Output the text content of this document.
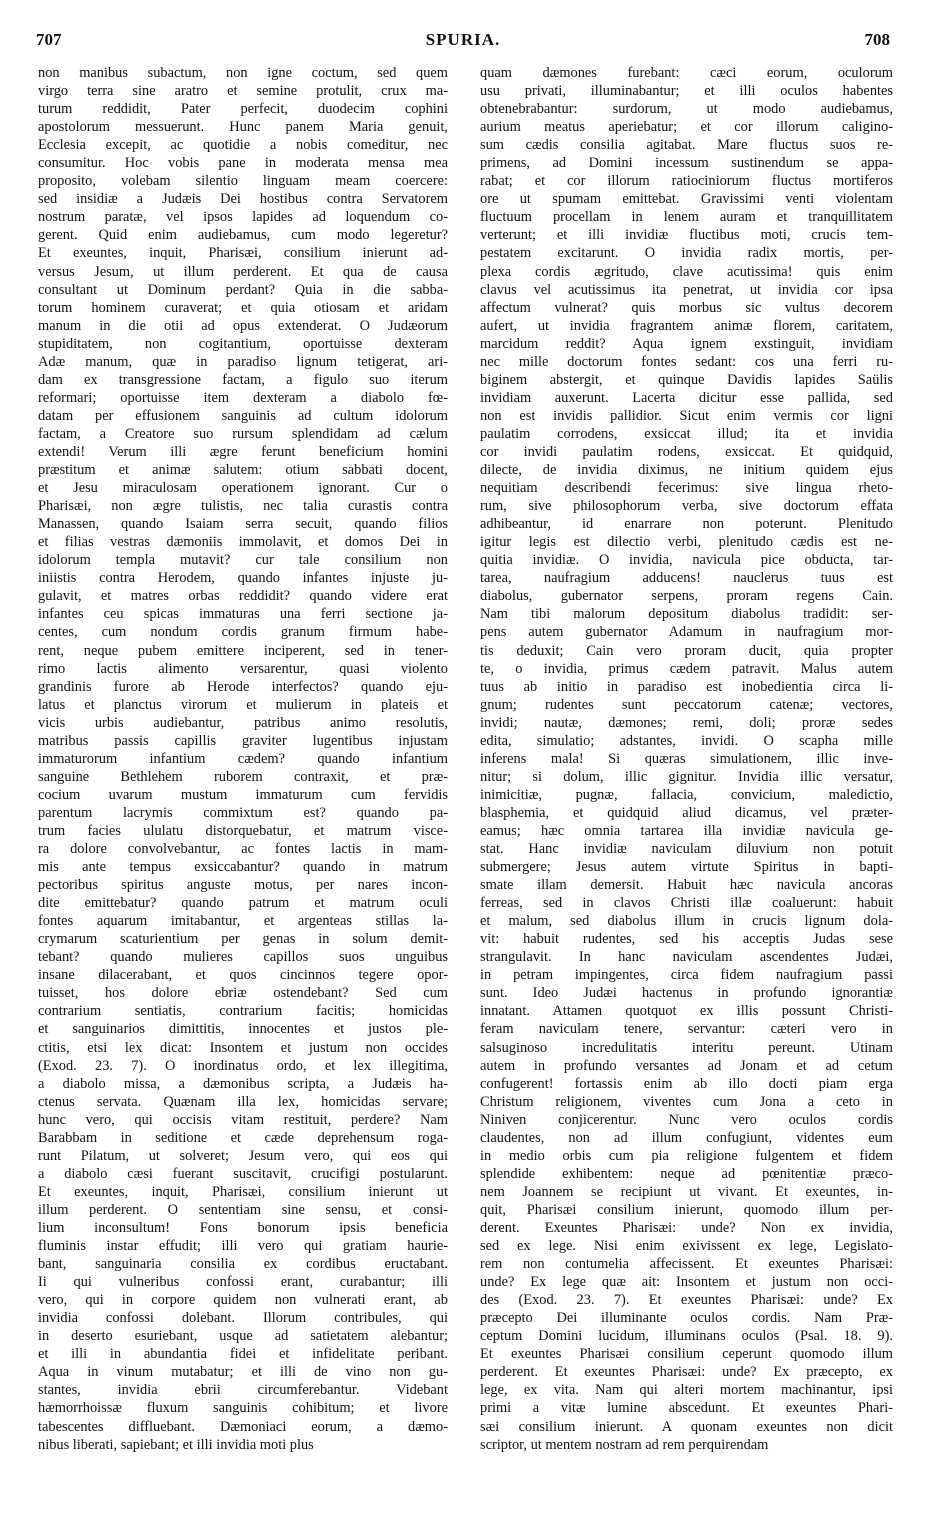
707	SPURIA.	708
non manibus subactum, non igne coctum, sed quem
virgo terra sine aratro et semine protulit, crux ma-
turum reddidit, Pater perfecit, duodecim cophini
apostolorum messuerunt. Hunc panem Maria genuit,
Ecclesia excepit, ac quotidie a nobis comeditur, nec
consumitur. Hoc vobis pane in moderata mensa mea
proposito, volebam silentio linguam meam coercere:
sed insidiæ a Judæis Dei hostibus contra Servatorem
nostrum paratæ, vel ipsos lapides ad loquendum co-
gerent. Quid enim audiebamus, cum modo legeretur?
Et exeuntes, inquit, Pharisæi, consilium inierunt ad-
versus Jesum, ut illum perderent. Et qua de causa
consultant ut Dominum perdant? Quia in die sabba-
torum hominem curaverat; et quia otiosam et aridam
manum in die otii ad opus extenderat. O Judæorum
stupiditatem, non cogitantium, oportuisse dexteram
Adæ manum, quæ in paradiso lignum tetigerat, ari-
dam ex transgressione factam, a figulo suo iterum
reformari; oportuisse item dexteram a diabolo fœ-
datam per effusionem sanguinis ad cultum idolorum
factam, a Creatore suo rursum splendidam ad cælum
extendi! Verum illi ægre ferunt beneficium homini
præstitum et animæ salutem: otium sabbati docent,
et Jesu miraculosam operationem ignorant. Cur o
Pharisæi, non ægre tulistis, nec talia curastis contra
Manassen, quando Isaiam serra secuit, quando filios
et filias vestras dæmoniis immolavit, et domos Dei in
idolorum templa mutavit? cur tale consilium non
iniistis contra Herodem, quando infantes injuste ju-
gulavit, et matres orbas reddidit? quando videre erat
infantes ceu spicas immaturas una ferri sectione ja-
centes, cum nondum cordis granum firmum habe-
rent, neque pubem emittere inciperent, sed in tener-
rimo lactis alimento versarentur, quasi violento
grandinis furore ab Herode interfectos? quando eju-
latus et planctus virorum et mulierum in plateis et
vicis urbis audiebantur, patribus animo resolutis,
matribus passis capillis graviter lugentibus injustam
immaturorum infantium cædem? quando infantium
sanguine Bethlehem ruborem contraxit, et præ-
cocium uvarum mustum immaturum cum fervidis
parentum lacrymis commixtum est? quando pa-
trum facies ululatu distorquebatur, et matrum visce-
ra dolore convolvebantur, ac fontes lactis in mam-
mis ante tempus exsiccabantur? quando in matrum
pectoribus spiritus anguste motus, per nares incon-
dite emittebatur? quando patrum et matrum oculi
fontes aquarum imitabantur, et argenteas stillas la-
crymarum scaturientium per genas in solum demit-
tebant? quando mulieres capillos suos unguibus
insane dilacerabant, et quos cincinnos tegere opor-
tuisset, hos dolore ebriæ ostendebant? Sed cum
contrarium sentiatis, contrarium facitis; homicidas
et sanguinarios dimittitis, innocentes et justos ple-
ctitis, etsi lex dicat: Insontem et justum non occides
(Exod. 23. 7). O inordinatus ordo, et lex illegitima,
a diabolo missa, a dæmonibus scripta, a Judæis ha-
ctenus servata. Quænam illa lex, homicidas servare;
hunc vero, qui occisis vitam restituit, perdere? Nam
Barabbam in seditione et cæde deprehensum roga-
runt Pilatum, ut solveret; Jesum vero, qui eos qui
a diabolo cæsi fuerant suscitavit, crucifigi postularunt.
Et exeuntes, inquit, Pharisæi, consilium inierunt ut
illum perderent. O sententiam sine sensu, et consi-
lium inconsultum! Fons bonorum ipsis beneficia
fluminis instar effudit; illi vero qui gratiam haurie-
bant, sanguinaria consilia ex cordibus eructabant.
Ii qui vulneribus confossi erant, curabantur; illi
vero, qui in corpore quidem non vulnerati erant, ab
invidia confossi dolebant. Illorum contribules, qui
in deserto esuriebant, usque ad satietatem alebantur;
et illi in abundantia fidei et infidelitate peribant.
Aqua in vinum mutabatur; et illi de vino non gu-
stantes, invidia ebrii circumferebantur. Videbant
hæmorrhoissæ fluxum sanguinis cohibitum; et livore
tabescentes diffluebant. Dæmoniaci eorum, a dæmo-
nibus liberati, sapiebant; et illi invidia moti plus
quam dæmones furebant: cæci eorum, oculorum
usu privati, illuminabantur; et illi oculos habentes
obtenebrabantur: surdorum, ut modo audiebamus,
aurium meatus aperiebatur; et cor illorum caligino-
sum cædis consilia agitabat. Mare fluctus suos re-
primens, ad Domini incessum sustinendum se appa-
rabat; et cor illorum ratiociniorum fluctus mortiferos
ore ut spumam emittebat. Gravissimi venti violentam
fluctuum procellam in lenem auram et tranquillitatem
verterunt; et illi invidiæ fluctibus moti, crucis tem-
pestatem excitarunt. O invidia radix mortis, per-
plexa cordis ægritudo, clave acutissima! quis enim
clavus vel acutissimus ita penetrat, ut invidia cor ipsa
affectum vulnerat? quis morbus sic vultus decorem
aufert, ut invidia fragrantem animæ florem, caritatem,
marcidum reddit? Aqua ignem exstinguit, invidiam
nec mille doctorum fontes sedant: cos una ferri ru-
biginem abstergit, et quinque Davidis lapides Saülis
invidiam auxerunt. Lacerta dicitur esse pallida, sed
non est invidis pallidior. Sicut enim vermis cor ligni
paulatim corrodens, exsiccat illud; ita et invidia
cor invidi paulatim rodens, exsiccat. Et quidquid,
dilecte, de invidia diximus, ne initium quidem ejus
nequitiam describendi fecerimus: sive lingua rheto-
rum, sive philosophorum verba, sive doctorum effata
adhibeantur, id enarrare non poterunt. Plenitudo
igitur legis est dilectio verbi, plenitudo cædis est ne-
quitia invidiæ. O invidia, navicula pice obducta, tar-
tarea, naufragium adducens! nauclerus tuus est
diabolus, gubernator serpens, proram regens Cain.
Nam tibi malorum depositum diabolus tradidit: ser-
pens autem gubernator Adamum in naufragium mor-
tis deduxit; Cain vero proram ducit, quia propter
te, o invidia, primus cædem patravit. Malus autem
tuus ab initio in paradiso est inobedientia circa li-
gnum; rudentes sunt peccatorum catenæ; vectores,
invidi; nautæ, dæmones; remi, doli; proræ sedes
edita, simulatio; adstantes, invidi. O scapha mille
inferens mala! Si quæras simulationem, illic inve-
nitur; si dolum, illic gignitur. Invidia illic versatur,
inimicitiæ, pugnæ, fallacia, convicium, maledictio,
blasphemia, et quidquid aliud dicamus, vel præter-
eamus; hæc omnia tartarea illa invidiæ navicula ge-
stat. Hanc invidiæ naviculam diluvium non potuit
submergere; Jesus autem virtute Spiritus in bapti-
smate illam demersit. Habuit hæc navicula ancoras
ferreas, sed in clavos Christi illæ coaluerunt: habuit
et malum, sed diabolus illum in crucis lignum dola-
vit: habuit rudentes, sed his acceptis Judas sese
strangulavit. In hanc naviculam ascendentes Judæi,
in petram impingentes, circa fidem naufragium passi
sunt. Ideo Judæi hactenus in profundo ignorantiæ
innatant. Attamen quotquot ex illis possunt Christi-
feram naviculam tenere, servantur: cæteri vero in
salsuginoso incredulitatis interitu pereunt. Utinam
autem in profundo versantes ad Jonam et ad cetum
confugerent! fortassis enim ab illo docti piam erga
Christum religionem, viventes cum Jona a ceto in
Niniven conjicerentur. Nunc vero oculos cordis
claudentes, non ad illum confugiunt, videntes eum
in medio orbis cum pia religione fulgentem et fidem
splendide exhibentem: neque ad pœnitentiæ præco-
nem Joannem se recipiunt ut vivant. Et exeuntes, in-
quit, Pharisæi consilium inierunt, quomodo illum per-
derent. Exeuntes Pharisæi: unde? Non ex invidia,
sed ex lege. Nisi enim exivissent ex lege, Legislato-
rem non contumelia affecissent. Et exeuntes Pharisæi:
unde? Ex lege quæ ait: Insontem et justum non occi-
des (Exod. 23. 7). Et exeuntes Pharisæi: unde? Ex
præcepto Dei illuminante oculos cordis. Nam Præ-
ceptum Domini lucidum, illuminans oculos (Psal. 18. 9).
Et exeuntes Pharisæi consilium ceperunt quomodo illum
perderent. Et exeuntes Pharisæi: unde? Ex præcepto, ex
lege, ex vita. Nam qui alteri mortem machinantur, ipsi
primi a vitæ lumine abscedunt. Et exeuntes Phari-
sæi consilium inierunt. A quonam exeuntes non dicit
scriptor, ut mentem nostram ad rem perquirendam
